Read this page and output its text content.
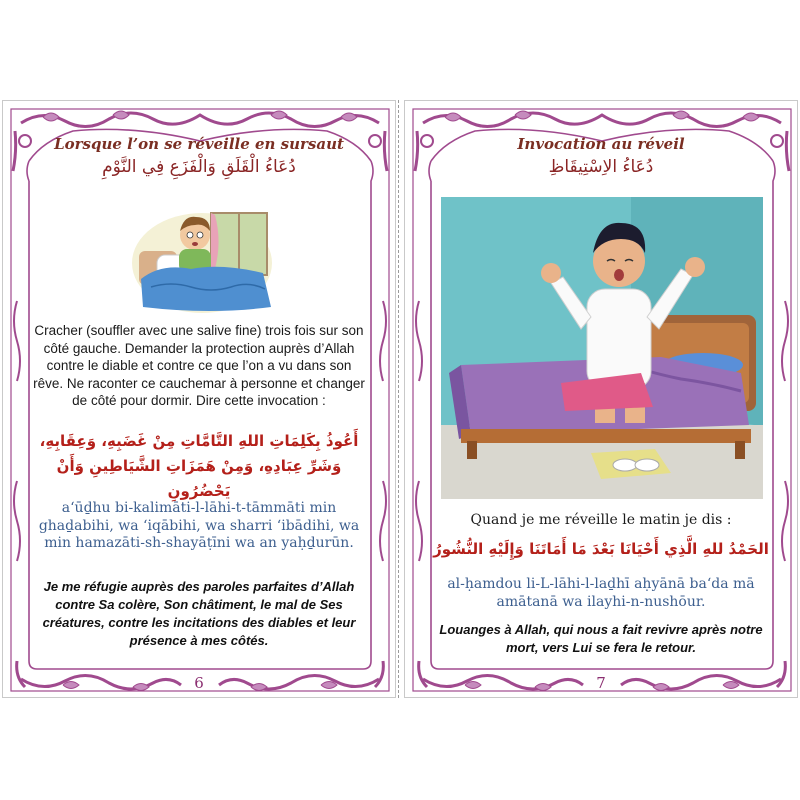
Lorsque l’on se réveille en sursaut
دُعَاءُ الْقَلَقِ وَالْفَزَعِ فِي النَّوْمِ
Cracher (souffler avec une salive fine) trois fois sur son côté gauche. Demander la protection auprès d’Allah contre le diable et contre ce que l’on a vu dans son rêve. Ne raconter ce cauchemar à personne et changer de côté pour dormir. Dire cette invocation :
أَعُوذُ بِكَلِمَاتِ اللهِ التَّامَّاتِ مِنْ غَضَبِهِ، وَعِقَابِهِ،
وَشَرِّ عِبَادِهِ، وَمِنْ هَمَزَاتِ الشَّيَاطِينِ وَأَنْ يَحْضُرُونِ
a‘ūḏhu bi-kalimāti-l-lāhi-t-tāmmāti min ghaḏabihi, wa ‘iqābihi, wa sharri ‘ibādihi, wa min hamazāti-sh-shayāṭīni wa an yaḥḏurūn.
Je me réfugie auprès des paroles parfaites d’Allah contre Sa colère, Son châtiment, le mal de Ses créatures, contre les incitations des diables et leur présence à mes côtés.
6
Invocation au réveil
دُعَاءُ الاِسْتِيقَاظِ
Quand je me réveille le matin je dis :
الحَمْدُ للهِ الَّذِي أَحْيَانَا بَعْدَ مَا أَمَاتَنَا وَإِلَيْهِ النُّشُورُ
al-ḥamdou li-L-lāhi-l-laḏhī aḥyānā ba‘da mā amātanā wa ilayhi-n-nushōur.
Louanges à Allah, qui nous a fait revivre après notre mort, vers Lui se fera le retour.
7
